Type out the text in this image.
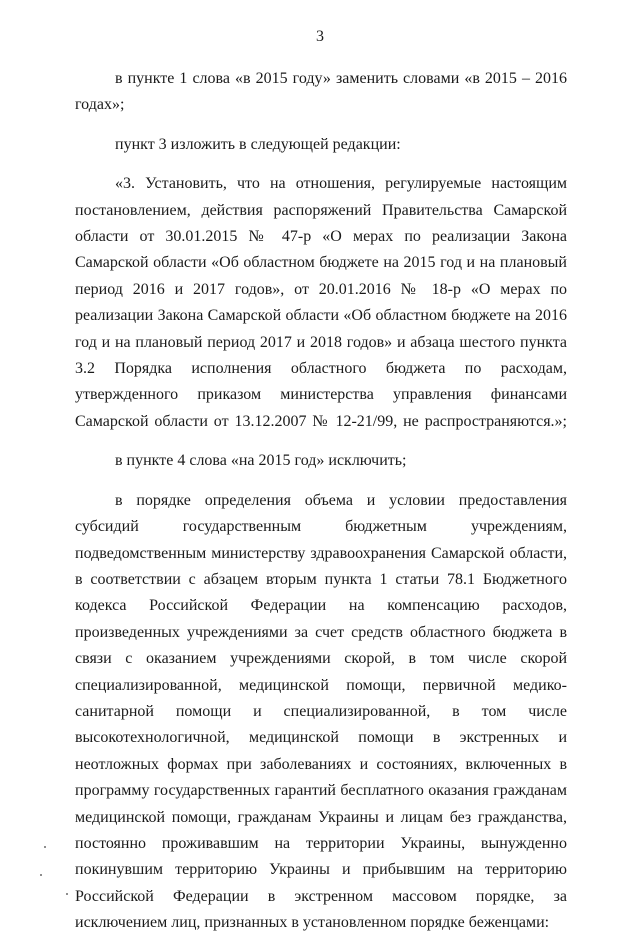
3

в пункте 1 слова «в 2015 году» заменить словами «в 2015 – 2016 годах»;

пункт 3 изложить в следующей редакции:

«3. Установить, что на отношения, регулируемые настоящим постановлением, действия распоряжений Правительства Самарской области от 30.01.2015 № 47-р «О мерах по реализации Закона Самарской области «Об областном бюджете на 2015 год и на плановый период 2016 и 2017 годов», от 20.01.2016 № 18-р «О мерах по реализации Закона Самарской области «Об областном бюджете на 2016 год и на плановый период 2017 и 2018 годов» и абзаца шестого пункта 3.2 Порядка исполнения областного бюджета по расходам, утвержденного приказом министерства управления финансами Самарской области от 13.12.2007 № 12-21/99, не распространяются.»;

в пункте 4 слова «на 2015 год» исключить;

в порядке определения объема и условии предоставления субсидий государственным бюджетным учреждениям, подведомственным министерству здравоохранения Самарской области, в соответствии с абзацем вторым пункта 1 статьи 78.1 Бюджетного кодекса Российской Федерации на компенсацию расходов, произведенных учреждениями за счет средств областного бюджета в связи с оказанием учреждениями скорой, в том числе скорой специализированной, медицинской помощи, первичной медико-санитарной помощи и специализированной, в том числе высокотехнологичной, медицинской помощи в экстренных и неотложных формах при заболеваниях и состояниях, включенных в программу государственных гарантий бесплатного оказания гражданам медицинской помощи, гражданам Украины и лицам без гражданства, постоянно проживавшим на территории Украины, вынужденно покинувшим территорию Украины и прибывшим на территорию Российской Федерации в экстренном массовом порядке, за исключением лиц, признанных в установленном порядке беженцами:
